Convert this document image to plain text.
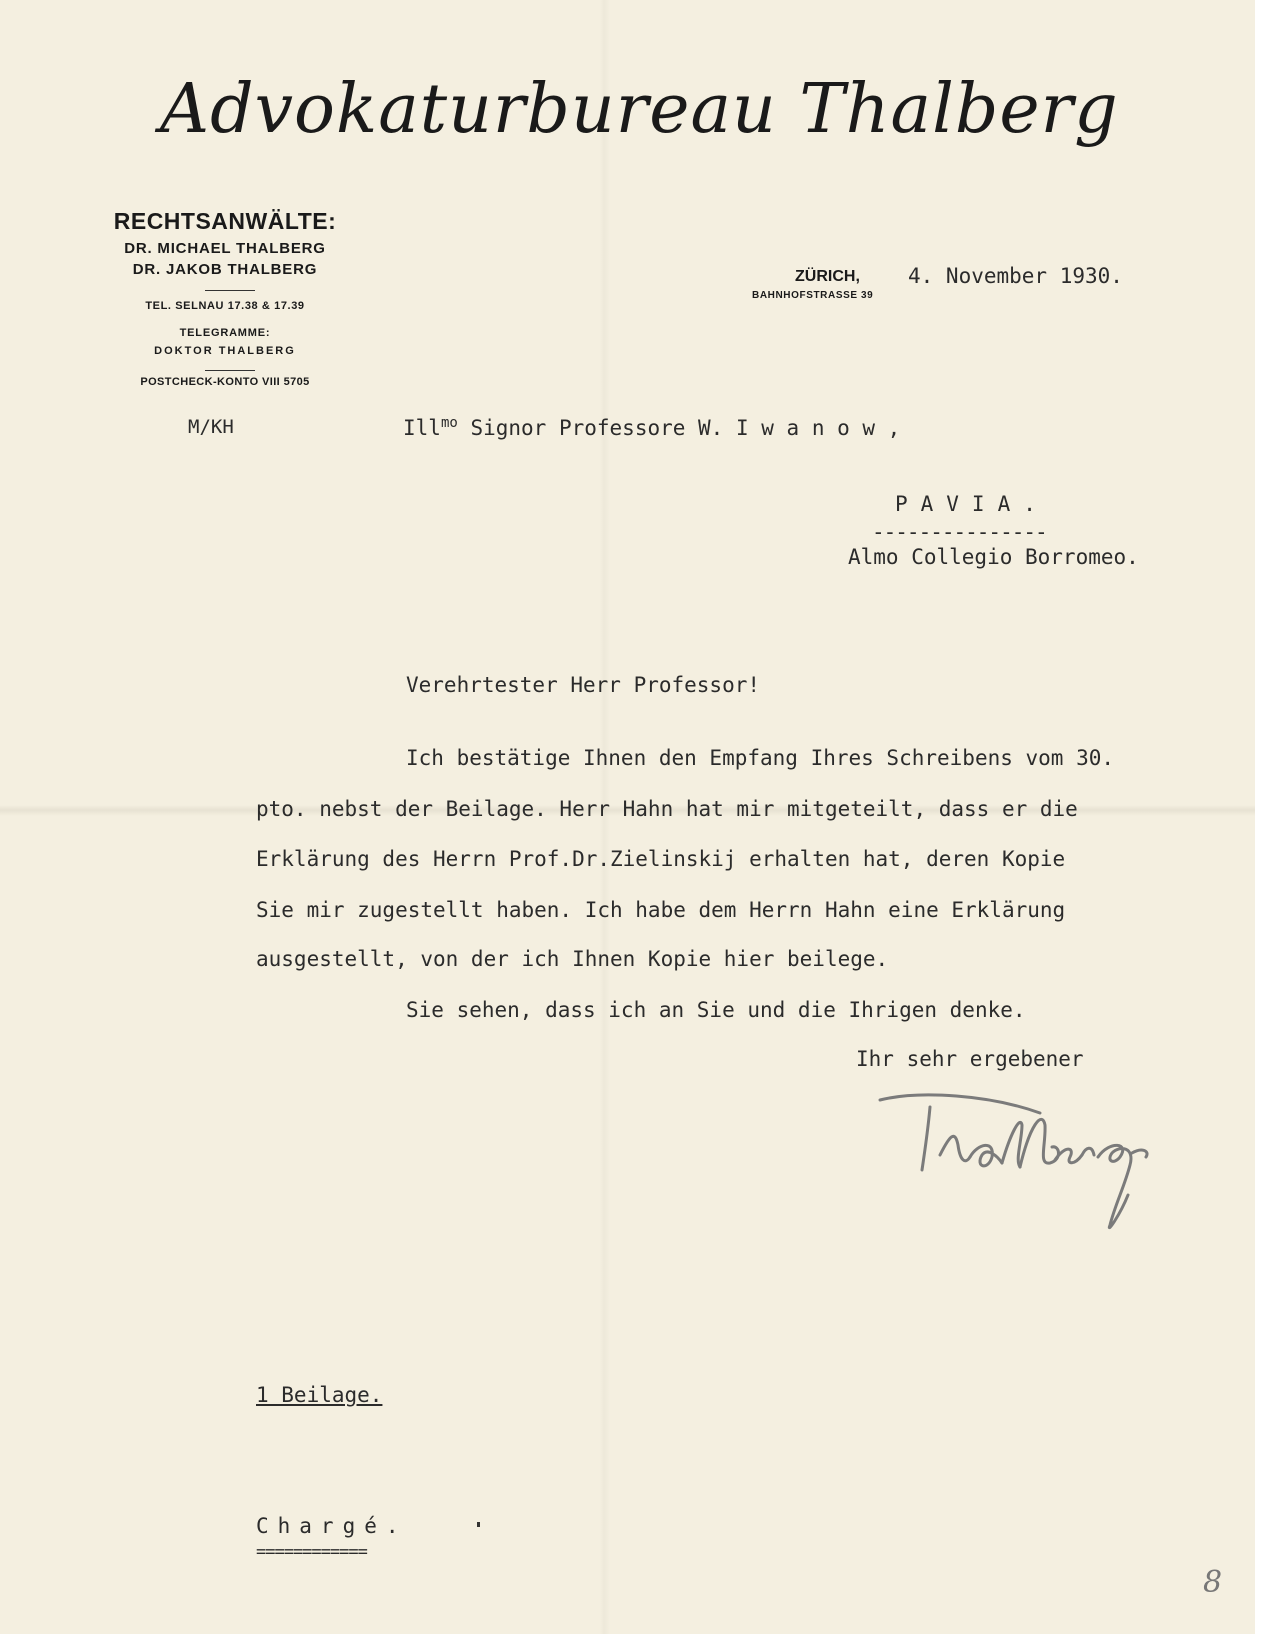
Advokaturbureau Thalberg
RECHTSANWÄLTE:
DR. MICHAEL THALBERG
DR. JAKOB THALBERG
TEL. SELNAU 17.38 & 17.39
TELEGRAMME:
DOKTOR THALBERG
POSTCHECK-KONTO VIII 5705
ZÜRICH,
BAHNHOFSTRASSE 39
4. November 1930.
M/KH	Ill$^{mo}$ Signor Professore W. I w a n o w ,
PAVIA.
---------------
Almo Collegio Borromeo.
Verehrtester Herr Professor!
Ich bestätige Ihnen den Empfang Ihres Schreibens vom 30.
pto. nebst der Beilage. Herr Hahn hat mir mitgeteilt, dass er die
Erklärung des Herrn Prof.Dr.Zielinskij erhalten hat, deren Kopie
Sie mir zugestellt haben. Ich habe dem Herrn Hahn eine Erklärung
ausgestellt, von der ich Ihnen Kopie hier beilege.
Sie sehen, dass ich an Sie und die Ihrigen denke.
Ihr sehr ergebener
1 Beilage.
Chargé.
============
8
